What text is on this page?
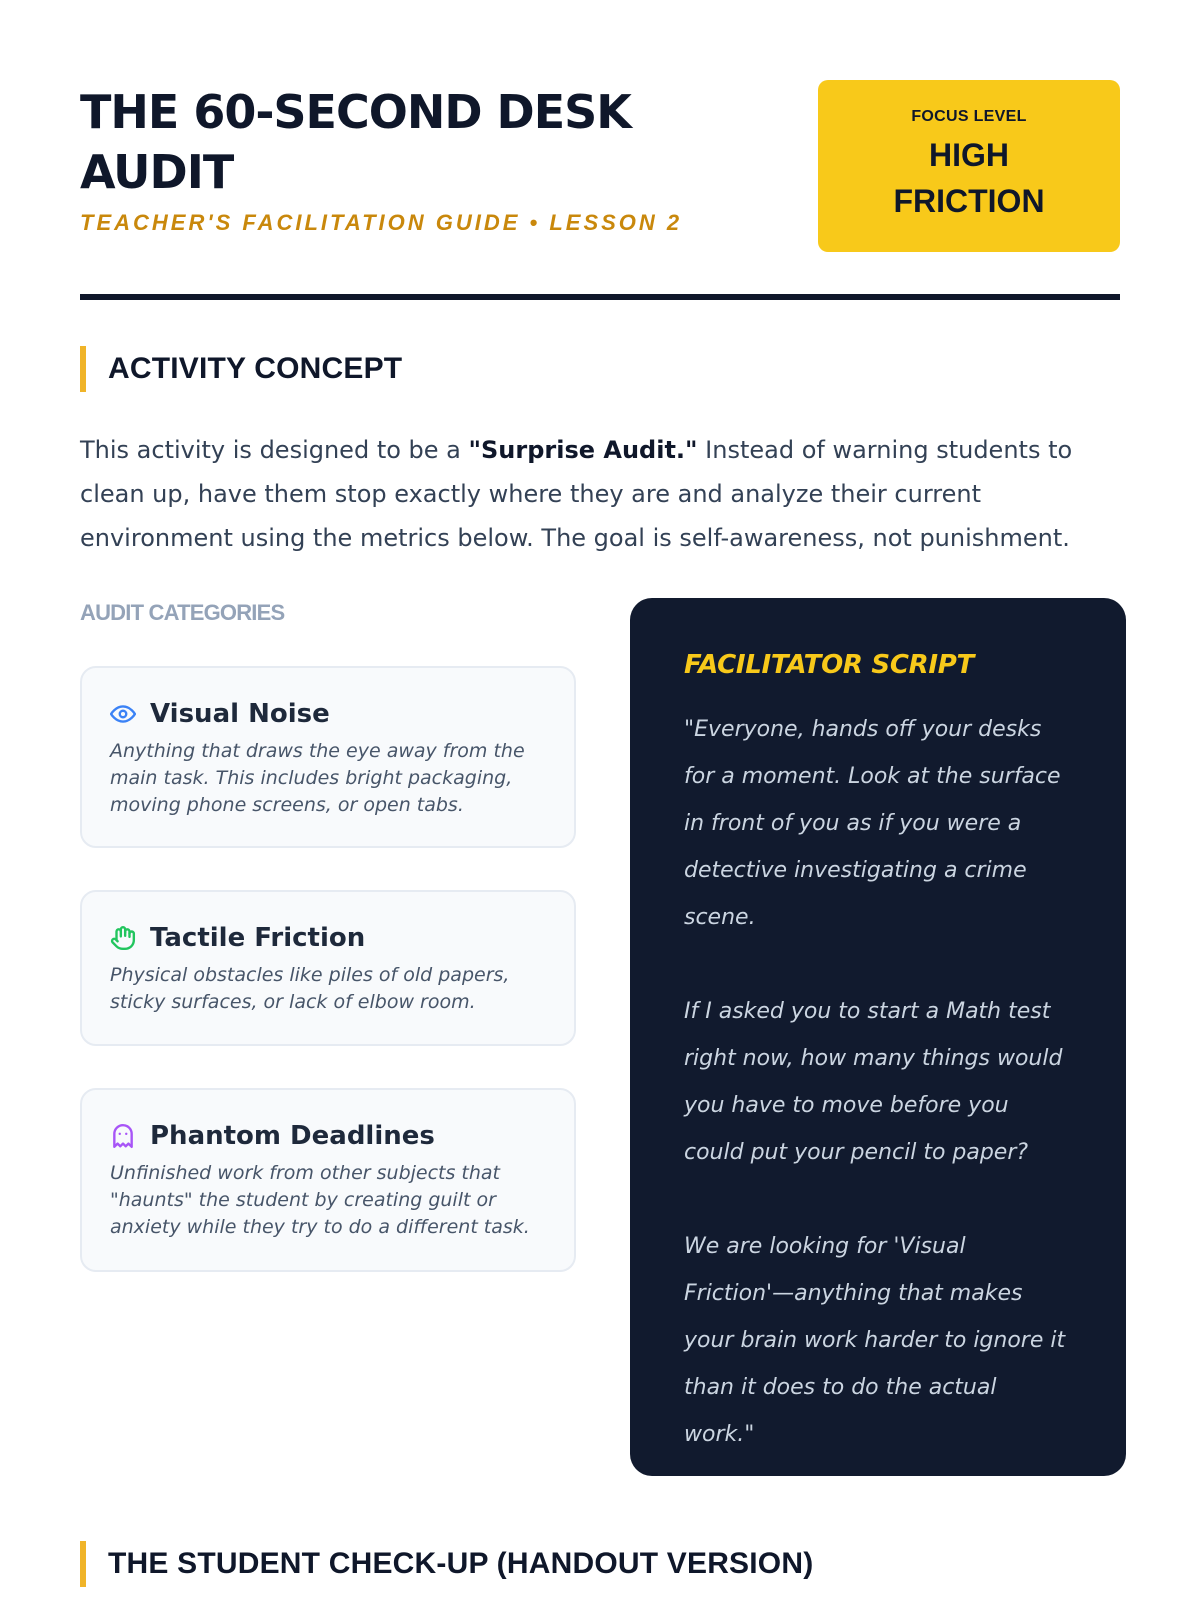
THE 60-SECOND DESK AUDIT
TEACHER'S FACILITATION GUIDE • LESSON 2
FOCUS LEVEL
HIGH FRICTION
ACTIVITY CONCEPT

This activity is designed to be a "Surprise Audit." Instead of warning students to clean up, have them stop exactly where they are and analyze their current environment using the metrics below. The goal is self-awareness, not punishment.

AUDIT CATEGORIES
Visual Noise
Anything that draws the eye away from the main task. This includes bright packaging, moving phone screens, or open tabs.
Tactile Friction
Physical obstacles like piles of old papers, sticky surfaces, or lack of elbow room.
Phantom Deadlines
Unfinished work from other subjects that "haunts" the student by creating guilt or anxiety while they try to do a different task.
FACILITATOR SCRIPT
"Everyone, hands off your desks for a moment. Look at the surface in front of you as if you were a detective investigating a crime scene.

If I asked you to start a Math test right now, how many things would you have to move before you could put your pencil to paper?

We are looking for 'Visual Friction'—anything that makes your brain work harder to ignore it than it does to do the actual work."
THE STUDENT CHECK-UP (HANDOUT VERSION)
